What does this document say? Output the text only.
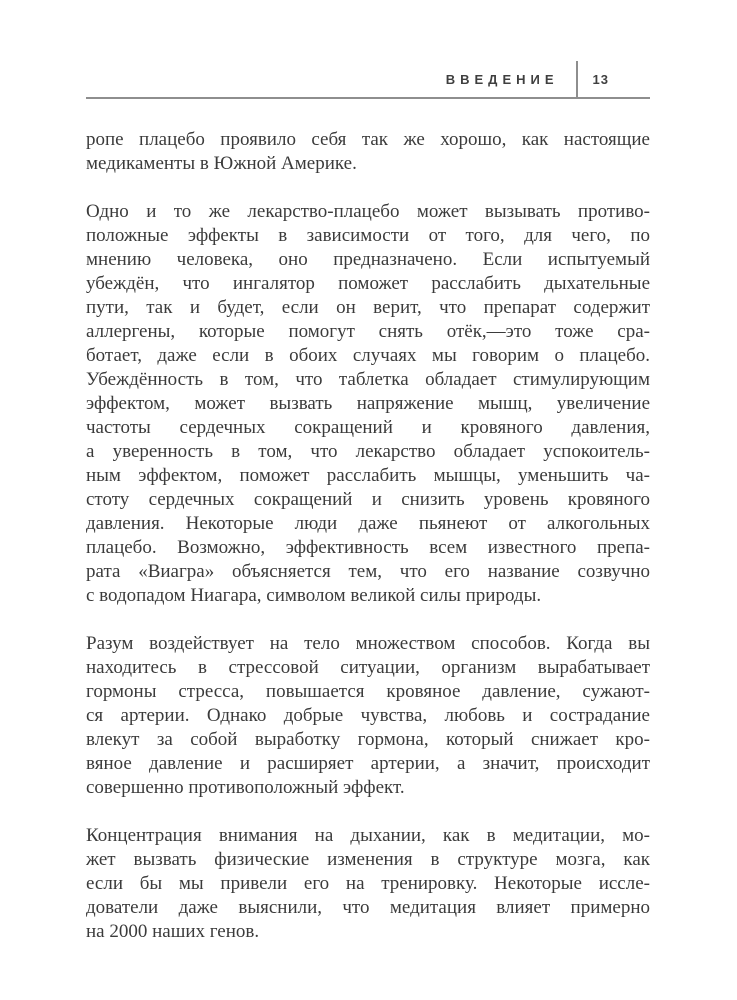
ВВЕДЕНИЕ	13

ропе плацебо проявило себя так же хорошо, как настоящие
медикаменты в Южной Америке.

Одно и то же лекарство-плацебо может вызывать противо-
положные эффекты в зависимости от того, для чего, по
мнению человека, оно предназначено. Если испытуемый
убеждён, что ингалятор поможет расслабить дыхательные
пути, так и будет, если он верит, что препарат содержит
аллергены, которые помогут снять отёк,—это тоже сра-
ботает, даже если в обоих случаях мы говорим о плацебо.
Убеждённость в том, что таблетка обладает стимулирующим
эффектом, может вызвать напряжение мышц, увеличение
частоты сердечных сокращений и кровяного давления,
а уверенность в том, что лекарство обладает успокоитель-
ным эффектом, поможет расслабить мышцы, уменьшить ча-
стоту сердечных сокращений и снизить уровень кровяного
давления. Некоторые люди даже пьянеют от алкогольных
плацебо. Возможно, эффективность всем известного препа-
рата «Виагра» объясняется тем, что его название созвучно
с водопадом Ниагара, символом великой силы природы.

Разум воздействует на тело множеством способов. Когда вы
находитесь в стрессовой ситуации, организм вырабатывает
гормоны стресса, повышается кровяное давление, сужают-
ся артерии. Однако добрые чувства, любовь и сострадание
влекут за собой выработку гормона, который снижает кро-
вяное давление и расширяет артерии, а значит, происходит
совершенно противоположный эффект.

Концентрация внимания на дыхании, как в медитации, мо-
жет вызвать физические изменения в структуре мозга, как
если бы мы привели его на тренировку. Некоторые иссле-
дователи даже выяснили, что медитация влияет примерно
на 2000 наших генов.
